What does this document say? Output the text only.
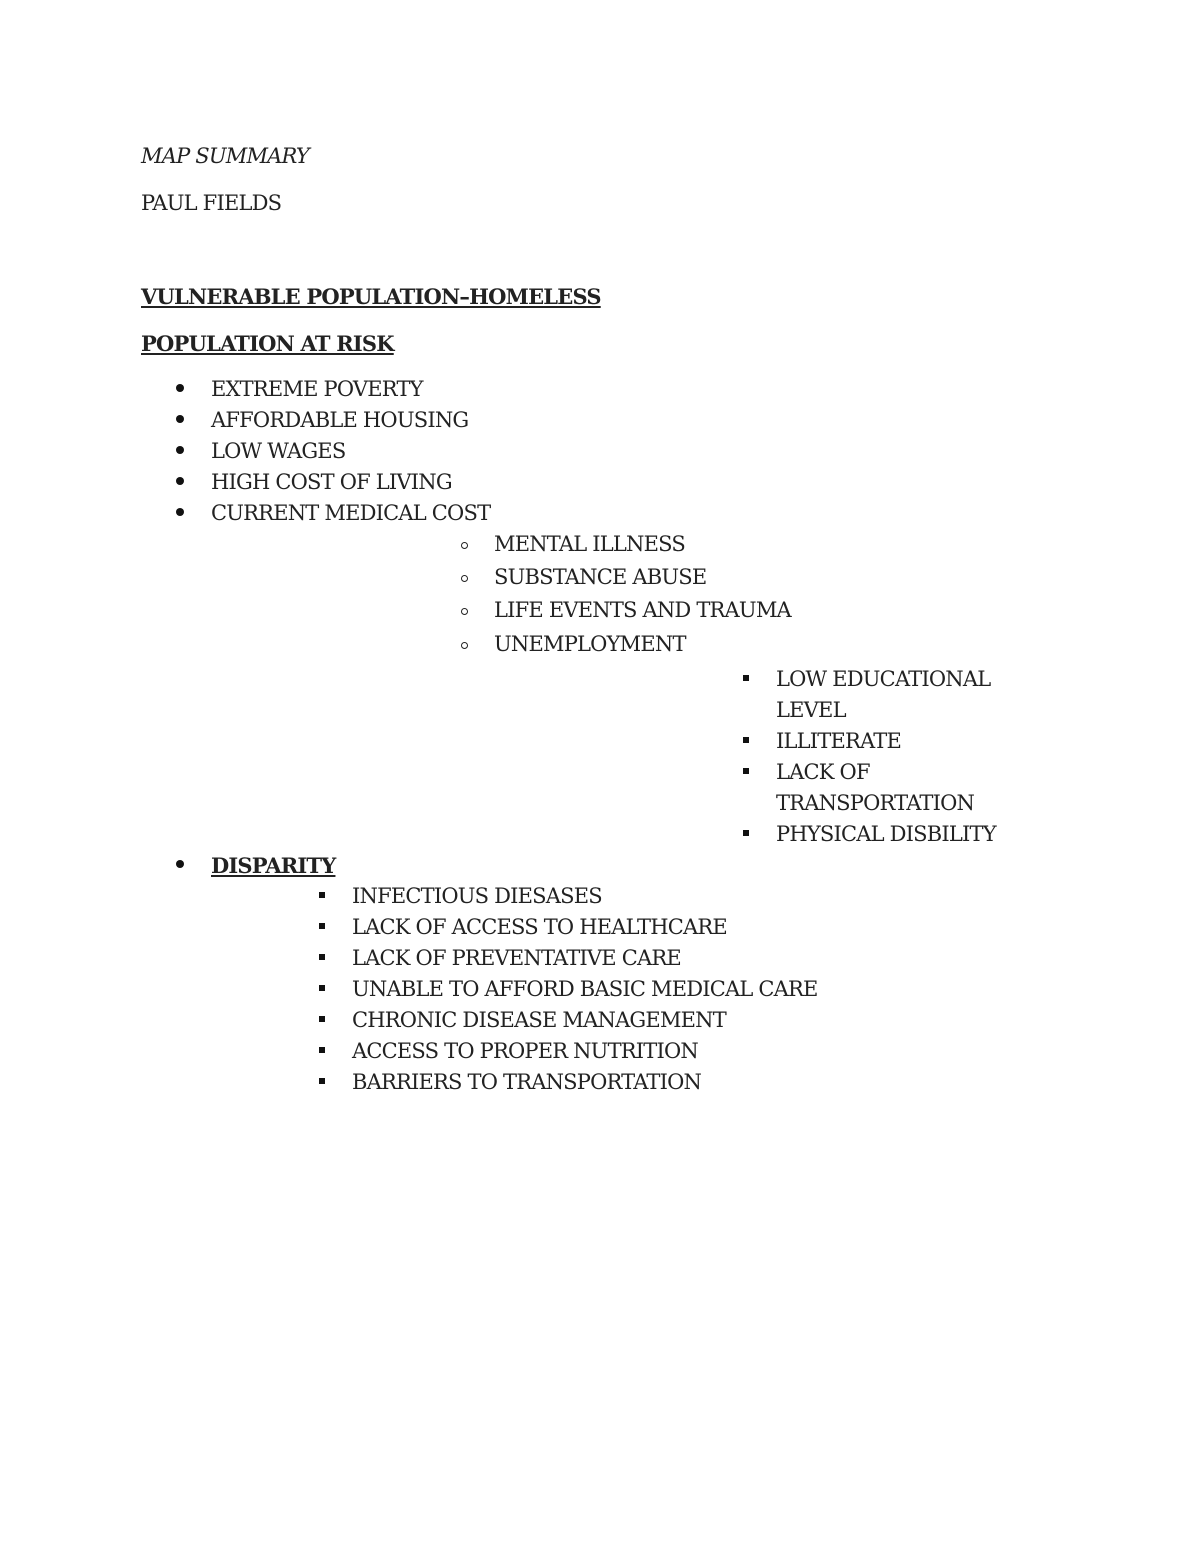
MAP SUMMARY
PAUL FIELDS
VULNERABLE POPULATION–HOMELESS
POPULATION AT RISK
EXTREME POVERTY
AFFORDABLE HOUSING
LOW WAGES
HIGH COST OF LIVING
CURRENT MEDICAL COST
MENTAL ILLNESS
SUBSTANCE ABUSE
LIFE EVENTS AND TRAUMA
UNEMPLOYMENT
LOW EDUCATIONAL
LEVEL
ILLITERATE
LACK OF
TRANSPORTATION
PHYSICAL DISBILITY
DISPARITY
INFECTIOUS DIESASES
LACK OF ACCESS TO HEALTHCARE
LACK OF PREVENTATIVE CARE
UNABLE TO AFFORD BASIC MEDICAL CARE
CHRONIC DISEASE MANAGEMENT
ACCESS TO PROPER NUTRITION
BARRIERS TO TRANSPORTATION
